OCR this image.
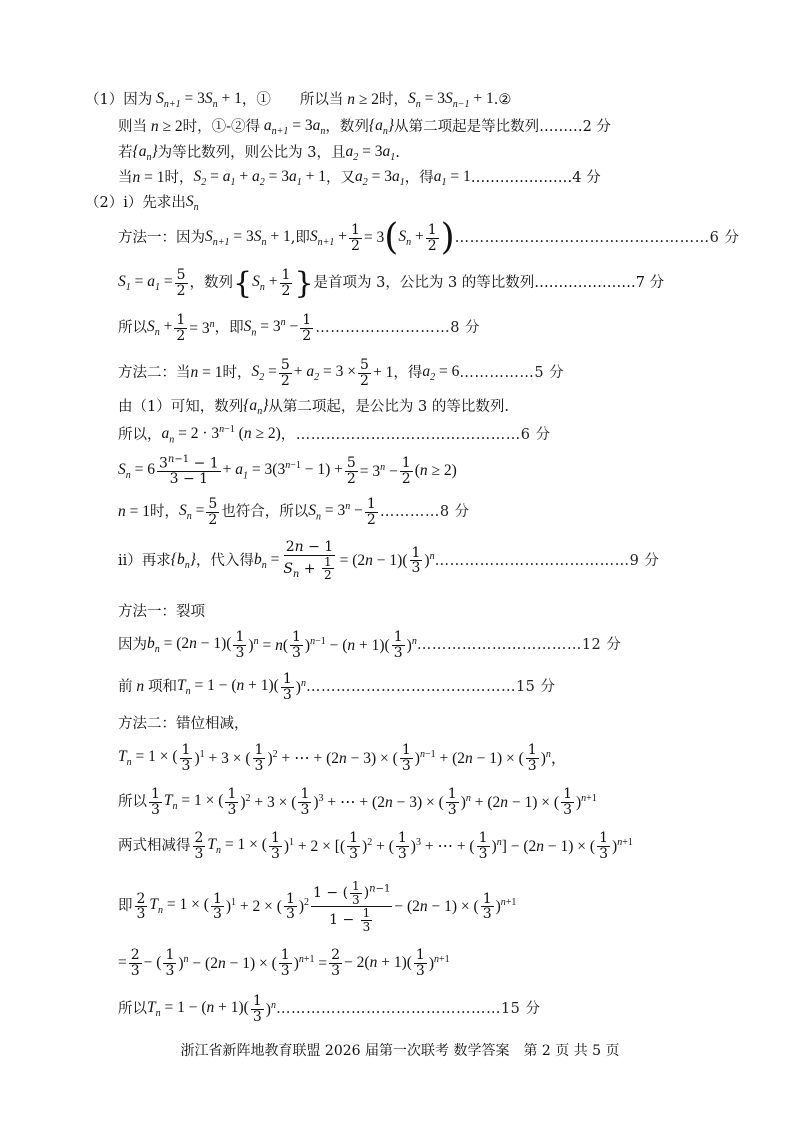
（1）因为 $S_{n+1} = 3S_n + 1$ ，①　　所以当 n ≥ 2 时， $S_n = 3S_{n-1} + 1$ .②
则当 n ≥ 2 时，①-②得 $a_{n+1} = 3a_n$ ，数列 $\{a_n\}$ 从第二项起是等比数列………2 分
若 $\{a_n\}$ 为等比数列，则公比为 3，且 $a_2 = 3a_1$ .
当 n = 1 时， $S_2 = a_1 + a_2 = 3a_1 + 1$ ，又 $a_2 = 3a_1$ ，得 $a_1 = 1$ …………………4 分
（2）i）先求出 $S_n$
方法一：因为 $S_{n+1} = 3S_n + 1$ ,即 $S_{n+1} + \frac{1}{2} = 3$ ( $S_n + \frac{1}{2}$ ) ……………………………………………6 分
$S_1 = a_1 = \frac{5}{2}$ ，数列 { $S_n + \frac{1}{2}$ } 是首项为 3，公比为 3 的等比数列…………………7 分
所以 $S_n + \frac{1}{2} = 3^n$ ，即 $S_n = 3^n - \frac{1}{2}$ ………………………8 分
方法二：当 n = 1 时， $S_2 = \frac{5}{2} + a_2 = 3 \times \frac{5}{2} + 1$ ，得 $a_2 = 6$ ……………5 分
由（1）可知，数列 $\{a_n\}$ 从第二项起，是公比为 3 的等比数列.
所以， $a_n = 2 \cdot 3^{n-1}$ (n ≥ 2) ，………………………………………6 分
$S_n = 6$ $3^{n-1} - 1$
3 − 1
+ $a_1 = 3(3^{n-1} - 1) + \frac{5}{2} = 3^n - \frac{1}{2} (n \ge 2)$
n = 1 时， $S_n = \frac{5}{2}$ 也符合，所以 $S_n = 3^n - \frac{1}{2}$ …………8 分
ii）再求 $\{b_n\}$ ，代入得 $b_n = \frac{2n - 1}{S_n + \frac{1}{2}} = (2n - 1)$( 1
3 )$^n$ …………………………………9 分
方法一：裂项
因为 $b_n = (2n - 1)$( 1
3 )$^n$ = n( 1
3 )$^{n-1}$ − (n + 1)( 1
3 )$^n$ ……………………………12 分
前 n 项和 $T_n = 1 - (n + 1)$( 1
3 )$^n$ ……………………………………15 分
方法二：错位相减，
$T_n = 1$ × ( 1
3 )$^1$ + 3 × ( 1
3 )$^2$ + ⋯ + (2n − 3) × ( 1
3 )$^{n-1}$ + (2n − 1) × ( 1
3 )$^n$，
所以 1
3
$T_n = 1$ × ( 1
3 )$^2$ + 3 × ( 1
3 )$^3$ + ⋯ + (2n − 3) × ( 1
3 )$^n$ + (2n − 1) × ( 1
3 )$^{n+1}$
两式相减得 2
3
$T_n = 1$ × ( 1
3 )$^1$ + 2 × [( 1
3 )$^2$ + ( 1
3 )$^3$ + ⋯ + ( 1
3 )$^n$] − (2n − 1) × ( 1
3 )$^{n+1}$
即 2
3
$T_n = 1$ × ( 1
3 )$^1$ + 2 × ( 1
3 )$^2$
1 − ( $\frac{1}{3} )^{n-1}$
$1 - \frac{1}{3}$
− (2n − 1) × ( 1
3 )$^{n+1}$
= $\frac{2}{3}$ − ( 1
3 )$^n$ − (2n − 1) × ( 1
3 )$^{n+1} = \frac{2}{3} - 2(n + 1)$( 1
3 )$^{n+1}$
所以 $T_n = 1 - (n + 1)$( 1
3 )$^n$ ………………………………………15 分
浙江省新阵地教育联盟 2026 届第一次联考 数学答案　第 2 页 共 5 页
